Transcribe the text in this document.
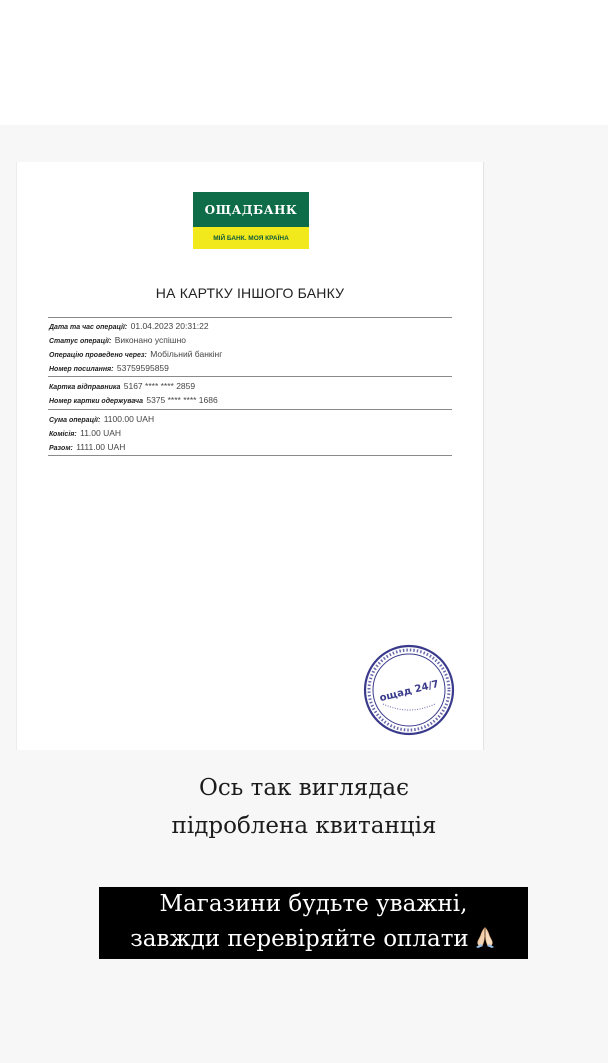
ОЩАДБАНК
МІЙ БАНК. МОЯ КРАЇНА
НА КАРТКУ ІНШОГО БАНКУ
Дата та час операції: 01.04.2023 20:31:22
Статус операції: Виконано успішно
Операцію проведено через: Мобільний банкінг
Номер посилання: 53759595859
Картка відправника 5167 **** **** 2859
Номер картки одержувача 5375 **** **** 1686
Сума операції: 1100.00 UAH
Комісія: 11.00 UAH
Разом: 1111.00 UAH
ощад 24/7
Ось так виглядає
підроблена квитанція
Магазини будьте уважні,
завжди перевіряйте оплати
